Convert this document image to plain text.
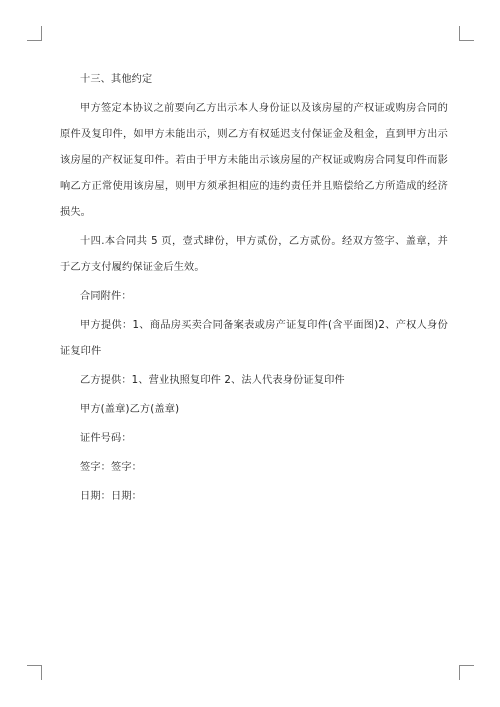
十三、其他约定

甲方签定本协议之前要向乙方出示本人身份证以及该房屋的产权证或购房合同的原件及复印件，如甲方未能出示，则乙方有权延迟支付保证金及租金，直到甲方出示该房屋的产权证复印件。若由于甲方未能出示该房屋的产权证或购房合同复印件而影响乙方正常使用该房屋，则甲方须承担相应的违约责任并且赔偿给乙方所造成的经济损失。

十四.本合同共 5 页，壹式肆份，甲方贰份，乙方贰份。经双方签字、盖章，并于乙方支付履约保证金后生效。

合同附件：

甲方提供：1、商品房买卖合同备案表或房产证复印件(含平面图)2、产权人身份证复印件

乙方提供：1、营业执照复印件 2、法人代表身份证复印件

甲方(盖章)乙方(盖章)

证件号码：

签字：签字：

日期：日期：
